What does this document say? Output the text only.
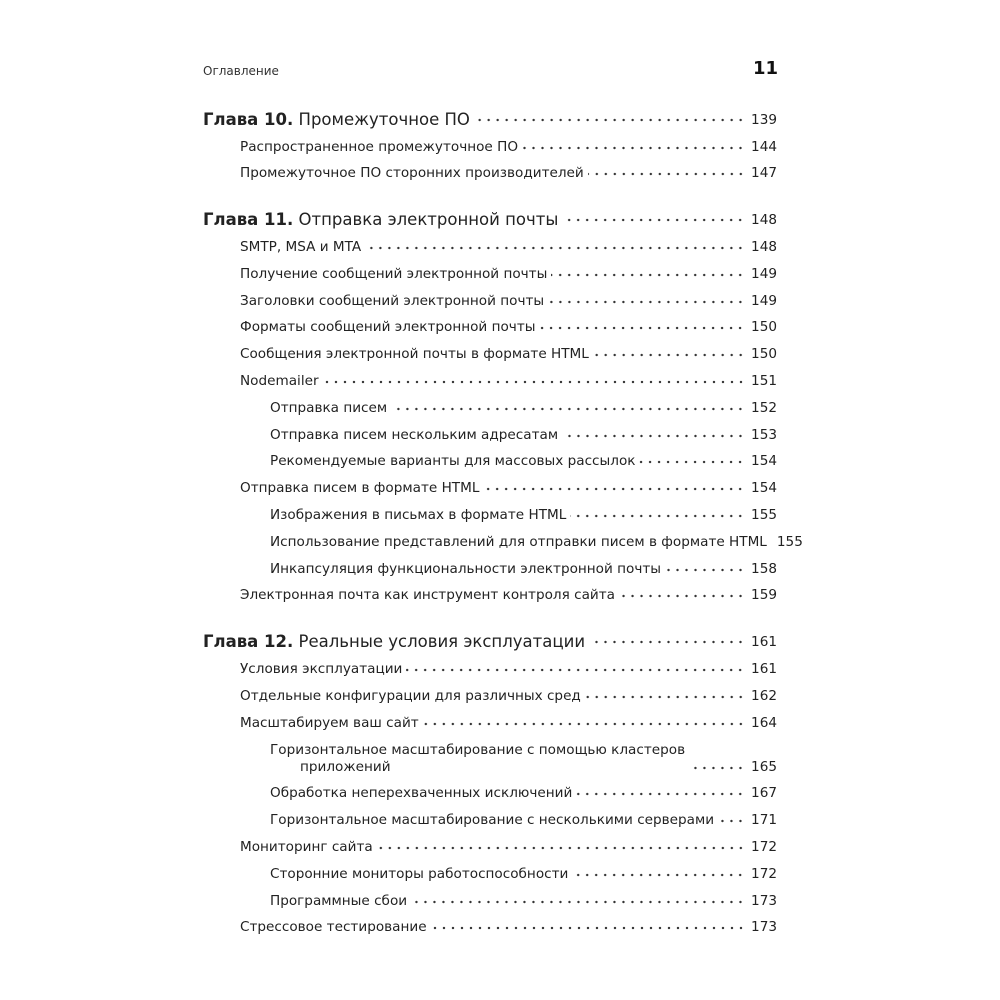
Оглавление	11
Глава 10. Промежуточное ПО	139
Распространенное промежуточное ПО	144
Промежуточное ПО сторонних производителей	147
Глава 11. Отправка электронной почты	148
SMTP, MSA и MTA	148
Получение сообщений электронной почты	149
Заголовки сообщений электронной почты	149
Форматы сообщений электронной почты	150
Сообщения электронной почты в формате HTML	150
Nodemailer	151
Отправка писем	152
Отправка писем нескольким адресатам	153
Рекомендуемые варианты для массовых рассылок	154
Отправка писем в формате HTML	154
Изображения в письмах в формате HTML	155
Использование представлений для отправки писем в формате HTML 155
Инкапсуляция функциональности электронной почты	158
Электронная почта как инструмент контроля сайта	159
Глава 12. Реальные условия эксплуатации	161
Условия эксплуатации	161
Отдельные конфигурации для различных сред	162
Масштабируем ваш сайт	164
Горизонтальное масштабирование с помощью кластеров
приложений	165
Обработка неперехваченных исключений	167
Горизонтальное масштабирование с несколькими серверами	171
Мониторинг сайта	172
Сторонние мониторы работоспособности	172
Программные сбои	173
Стрессовое тестирование	173
